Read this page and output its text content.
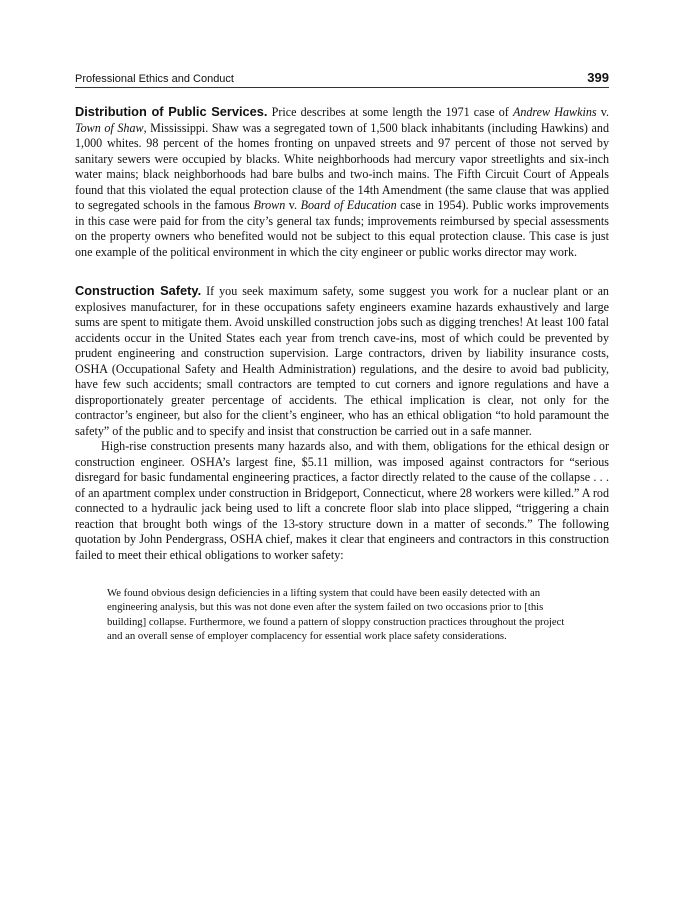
Professional Ethics and Conduct	399

Distribution of Public Services. Price describes at some length the 1971 case of Andrew Hawkins v. Town of Shaw, Mississippi. Shaw was a segregated town of 1,500 black inhabitants (including Hawkins) and 1,000 whites. 98 percent of the homes fronting on unpaved streets and 97 percent of those not served by sanitary sewers were occupied by blacks. White neighborhoods had mercury vapor streetlights and six-inch water mains; black neighborhoods had bare bulbs and two-inch mains. The Fifth Circuit Court of Appeals found that this violated the equal protection clause of the 14th Amendment (the same clause that was applied to segregated schools in the famous Brown v. Board of Education case in 1954). Public works improvements in this case were paid for from the city’s general tax funds; improvements reimbursed by special assessments on the property owners who benefited would not be subject to this equal protection clause. This case is just one example of the political environment in which the city engineer or public works director may work.

Construction Safety. If you seek maximum safety, some suggest you work for a nuclear plant or an explosives manufacturer, for in these occupations safety engineers examine hazards exhaustively and large sums are spent to mitigate them. Avoid unskilled construction jobs such as digging trenches! At least 100 fatal accidents occur in the United States each year from trench cave-ins, most of which could be prevented by prudent engineering and construction supervision. Large contractors, driven by liability insurance costs, OSHA (Occupational Safety and Health Administration) regulations, and the desire to avoid bad publicity, have few such accidents; small contractors are tempted to cut corners and ignore regulations and have a disproportionately greater percentage of accidents. The ethical implication is clear, not only for the contractor’s engineer, but also for the client’s engineer, who has an ethical obligation “to hold paramount the safety” of the public and to specify and insist that construction be carried out in a safe manner.

High-rise construction presents many hazards also, and with them, obligations for the ethical design or construction engineer. OSHA’s largest fine, $5.11 million, was imposed against contractors for “serious disregard for basic fundamental engineering practices, a factor directly related to the cause of the collapse . . . of an apartment complex under construction in Bridgeport, Connecticut, where 28 workers were killed.” A rod connected to a hydraulic jack being used to lift a concrete floor slab into place slipped, “triggering a chain reaction that brought both wings of the 13-story structure down in a matter of seconds.” The following quotation by John Pendergrass, OSHA chief, makes it clear that engineers and contractors in this construction failed to meet their ethical obligations to worker safety:

We found obvious design deficiencies in a lifting system that could have been easily detected with an engineering analysis, but this was not done even after the system failed on two occasions prior to [this building] collapse. Furthermore, we found a pattern of sloppy construction practices throughout the project and an overall sense of employer complacency for essential work place safety considerations.
